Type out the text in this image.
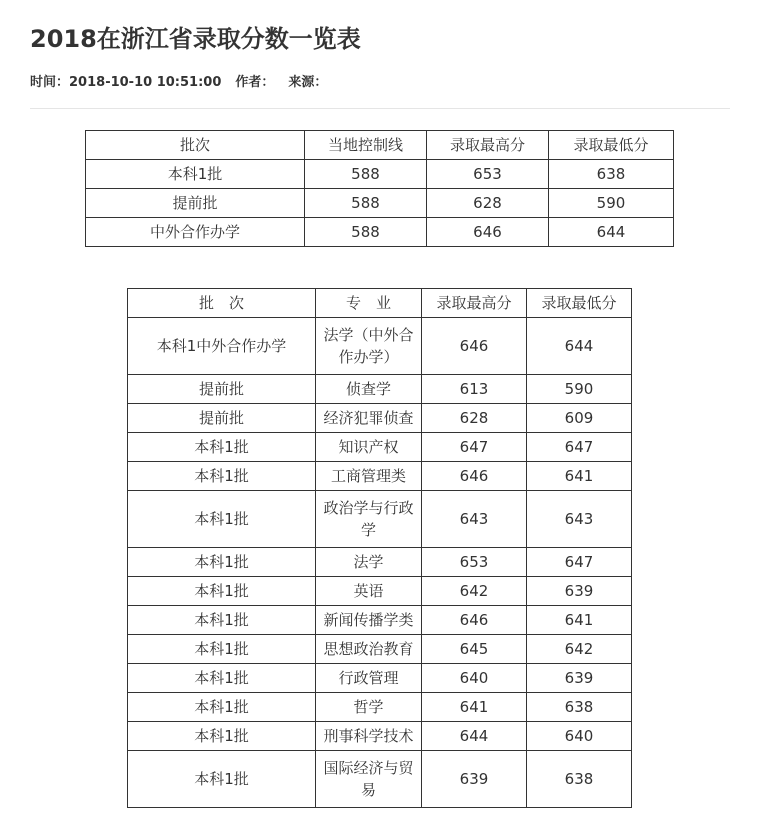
2018在浙江省录取分数一览表
时间：2018-10-10 10:51:00 作者： 来源：
批次	当地控制线	录取最高分	录取最低分
本科1批	588	653	638
提前批	588	628	590
中外合作办学	588	646	644
批　次	专　业	录取最高分	录取最低分
本科1中外合作办学	法学（中外合作办学）	646	644
提前批	侦查学	613	590
提前批	经济犯罪侦查	628	609
本科1批	知识产权	647	647
本科1批	工商管理类	646	641
本科1批	政治学与行政学	643	643
本科1批	法学	653	647
本科1批	英语	642	639
本科1批	新闻传播学类	646	641
本科1批	思想政治教育	645	642
本科1批	行政管理	640	639
本科1批	哲学	641	638
本科1批	刑事科学技术	644	640
本科1批	国际经济与贸易	639	638
